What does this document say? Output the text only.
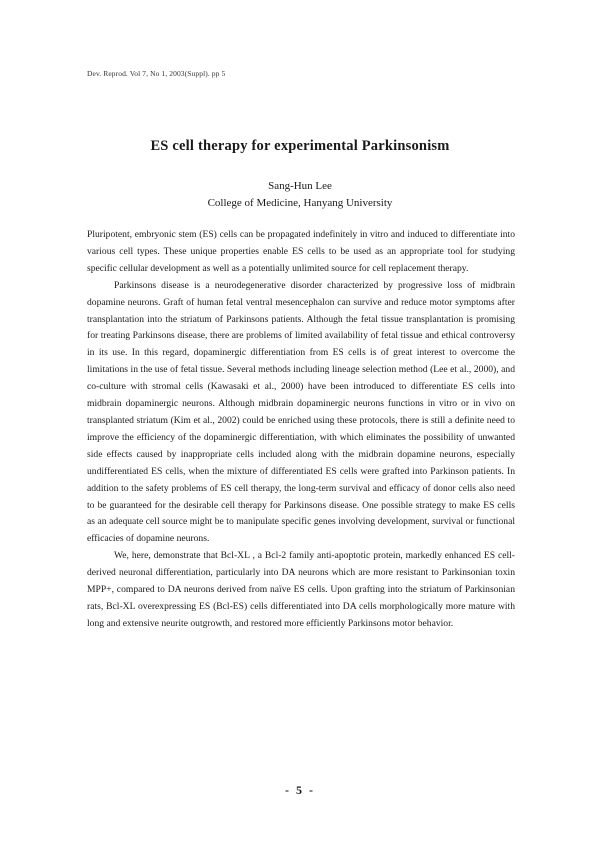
Dev. Reprod. Vol 7, No 1, 2003(Suppl). pp 5
ES cell therapy for experimental Parkinsonism
Sang-Hun Lee
College of Medicine, Hanyang University

Pluripotent, embryonic stem (ES) cells can be propagated indefinitely in vitro and induced to differentiate into various cell types. These unique properties enable ES cells to be used as an appropriate tool for studying specific cellular development as well as a potentially unlimited source for cell replacement therapy.

Parkinsons disease is a neurodegenerative disorder characterized by progressive loss of midbrain dopamine neurons. Graft of human fetal ventral mesencephalon can survive and reduce motor symptoms after transplantation into the striatum of Parkinsons patients. Although the fetal tissue transplantation is promising for treating Parkinsons disease, there are problems of limited availability of fetal tissue and ethical controversy in its use. In this regard, dopaminergic differentiation from ES cells is of great interest to overcome the limitations in the use of fetal tissue. Several methods including lineage selection method (Lee et al., 2000), and co-culture with stromal cells (Kawasaki et al., 2000) have been introduced to differentiate ES cells into midbrain dopaminergic neurons. Although midbrain dopaminergic neurons functions in vitro or in vivo on transplanted striatum (Kim et al., 2002) could be enriched using these protocols, there is still a definite need to improve the efficiency of the dopaminergic differentiation, with which eliminates the possibility of unwanted side effects caused by inappropriate cells included along with the midbrain dopamine neurons, especially undifferentiated ES cells, when the mixture of differentiated ES cells were grafted into Parkinson patients. In addition to the safety problems of ES cell therapy, the long-term survival and efficacy of donor cells also need to be guaranteed for the desirable cell therapy for Parkinsons disease. One possible strategy to make ES cells as an adequate cell source might be to manipulate specific genes involving development, survival or functional efficacies of dopamine neurons.

We, here, demonstrate that Bcl-XL , a Bcl-2 family anti-apoptotic protein, markedly enhanced ES cell-derived neuronal differentiation, particularly into DA neurons which are more resistant to Parkinsonian toxin MPP+, compared to DA neurons derived from naïve ES cells. Upon grafting into the striatum of Parkinsonian rats, Bcl-XL overexpressing ES (Bcl-ES) cells differentiated into DA cells morphologically more mature with long and extensive neurite outgrowth, and restored more efficiently Parkinsons motor behavior.

- 5 -
